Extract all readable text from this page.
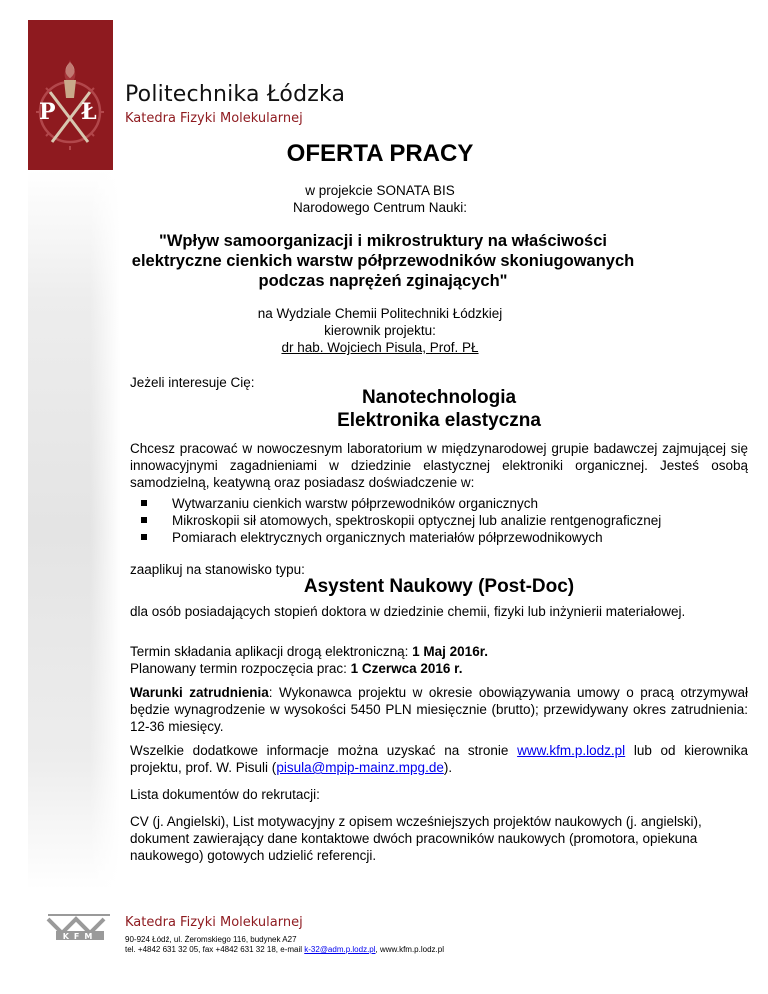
P Ł
Politechnika Łódzka
Katedra Fizyki Molekularnej
OFERTA PRACY
w projekcie SONATA BIS
Narodowego Centrum Nauki:
"Wpływ samoorganizacji i mikrostruktury na właściwości elektryczne cienkich warstw półprzewodników skoniugowanych podczas naprężeń zginających"
na Wydziale Chemii Politechniki Łódzkiej
kierownik projektu:
dr hab. Wojciech Pisula, Prof. PŁ
Jeżeli interesuje Cię:
Nanotechnologia
Elektronika elastyczna
Chcesz pracować w nowoczesnym laboratorium w międzynarodowej grupie badawczej zajmującej się innowacyjnymi zagadnieniami w dziedzinie elastycznej elektroniki organicznej. Jesteś osobą samodzielną, keatywną oraz posiadasz doświadczenie w:
Wytwarzaniu cienkich warstw półprzewodników organicznych
Mikroskopii sił atomowych, spektroskopii optycznej lub analizie rentgenograficznej
Pomiarach elektrycznych organicznych materiałów półprzewodnikowych
zaaplikuj na stanowisko typu:
Asystent Naukowy (Post-Doc)
dla osób posiadających stopień doktora w dziedzinie chemii, fizyki lub inżynierii materiałowej.
Termin składania aplikacji drogą elektroniczną: 1 Maj 2016r.
Planowany termin rozpoczęcia prac: 1 Czerwca 2016 r.
Warunki zatrudnienia: Wykonawca projektu w okresie obowiązywania umowy o pracą otrzymywał będzie wynagrodzenie w wysokości 5450 PLN miesięcznie (brutto); przewidywany okres zatrudnienia: 12-36 miesięcy.
Wszelkie dodatkowe informacje można uzyskać na stronie www.kfm.p.lodz.pl lub od kierownika projektu, prof. W. Pisuli (pisula@mpip-mainz.mpg.de).
Lista dokumentów do rekrutacji:
CV (j. Angielski), List motywacyjny z opisem wcześniejszych projektów naukowych (j. angielski), dokument zawierający dane kontaktowe dwóch pracowników naukowych (promotora, opiekuna naukowego) gotowych udzielić referencji.
KFM
Katedra Fizyki Molekularnej
90-924 Łódź, ul. Żeromskiego 116, budynek A27
tel. +4842 631 32 05, fax +4842 631 32 18, e-mail k-32@adm.p.lodz.pl, www.kfm.p.lodz.pl
